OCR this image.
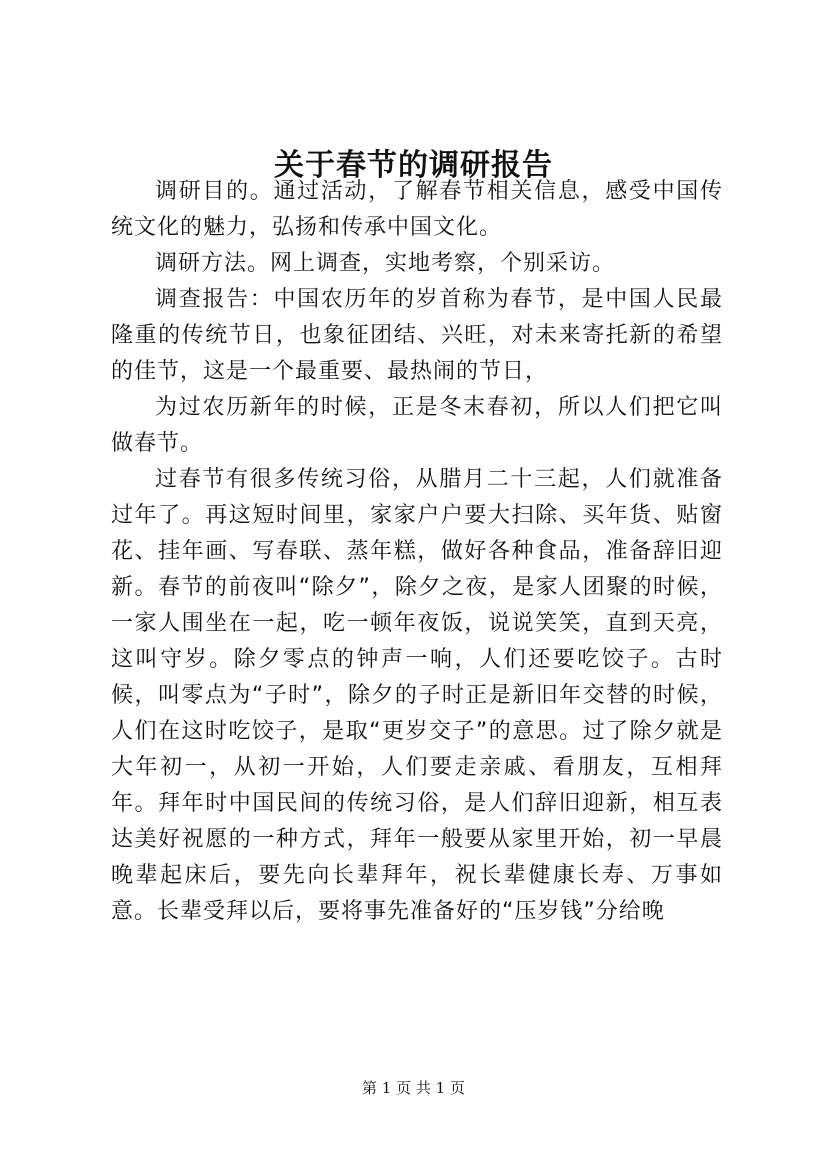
关于春节的调研报告

调研目的。通过活动，了解春节相关信息，感受中国传统文化的魅力，弘扬和传承中国文化。

调研方法。网上调查，实地考察，个别采访。

调查报告：中国农历年的岁首称为春节，是中国人民最隆重的传统节日，也象征团结、兴旺，对未来寄托新的希望的佳节，这是一个最重要、最热闹的节日，

为过农历新年的时候，正是冬末春初，所以人们把它叫做春节。

过春节有很多传统习俗，从腊月二十三起，人们就准备过年了。再这短时间里，家家户户要大扫除、买年货、贴窗花、挂年画、写春联、蒸年糕，做好各种食品，准备辞旧迎新。春节的前夜叫“除夕”，除夕之夜，是家人团聚的时候，一家人围坐在一起，吃一顿年夜饭，说说笑笑，直到天亮，这叫守岁。除夕零点的钟声一响，人们还要吃饺子。古时候，叫零点为“子时”，除夕的子时正是新旧年交替的时候，人们在这时吃饺子，是取“更岁交子”的意思。过了除夕就是大年初一，从初一开始，人们要走亲戚、看朋友，互相拜年。拜年时中国民间的传统习俗，是人们辞旧迎新，相互表达美好祝愿的一种方式，拜年一般要从家里开始，初一早晨晚辈起床后，要先向长辈拜年，祝长辈健康长寿、万事如意。长辈受拜以后，要将事先准备好的“压岁钱”分给晚

第 1 页 共 1 页
